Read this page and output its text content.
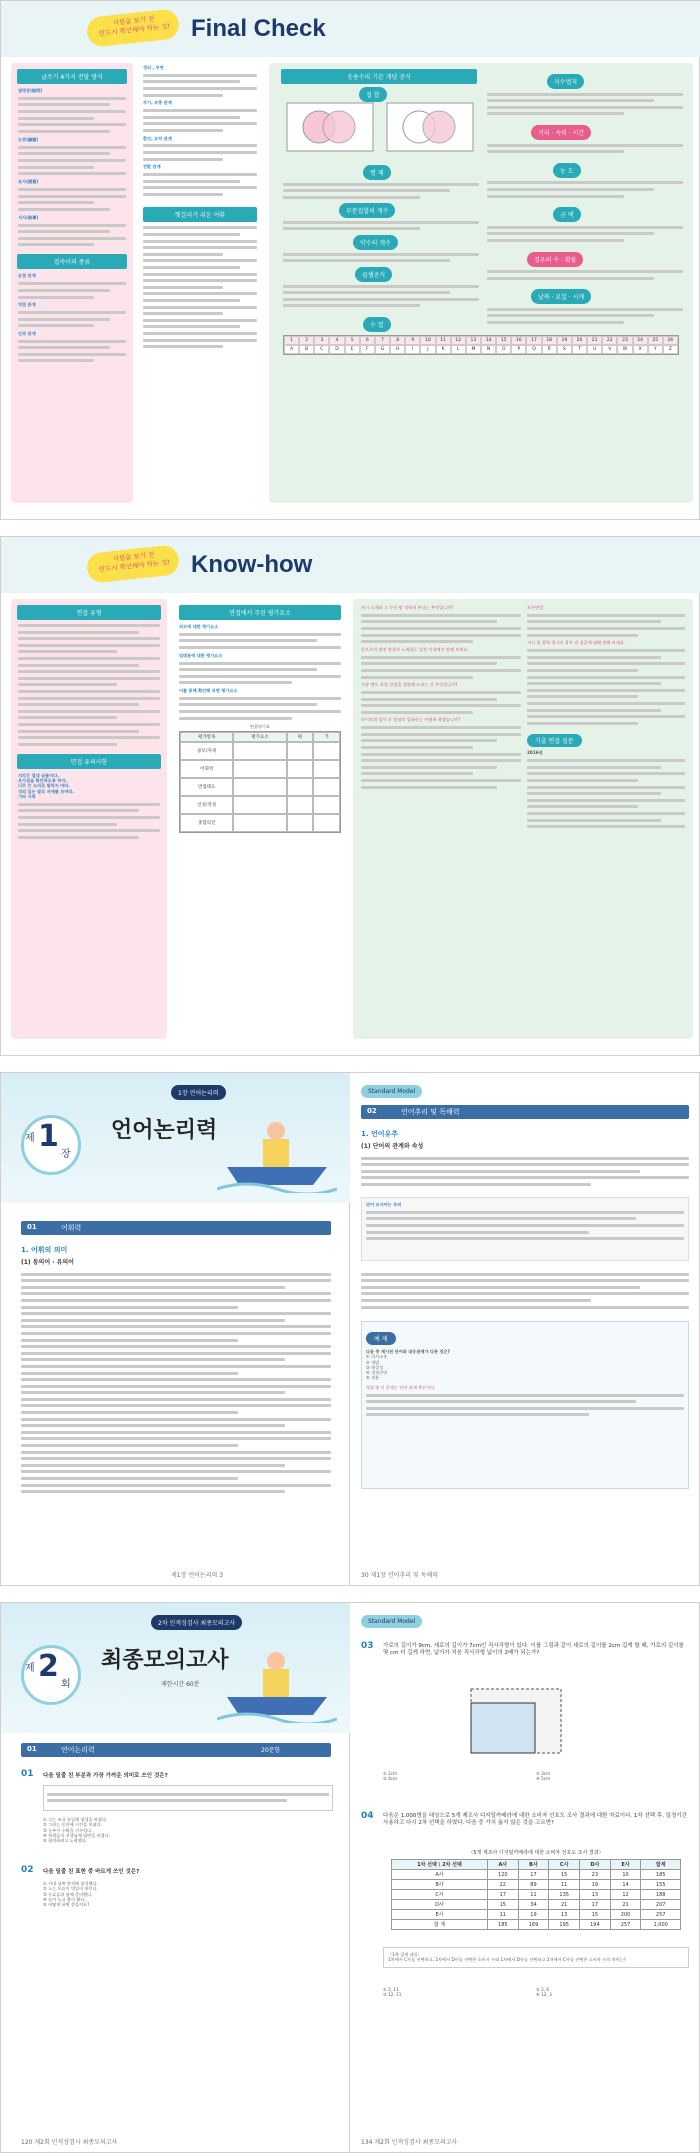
시험을 보기 전
반드시 확인해야 하는 것! Final Check
글쓰기 4가지 전달 방식
설명문(說明)
논증(論證)
묘사(描寫)
서사(敍事)
접속어의 종류
순접 관계
역접 관계
인과 관계
정의 , 부연
주기, 보충 관계
환언, 요약 관계
전환 관계
헷갈리기 쉬운 어휘
응용수리 기본 개념 공식
집 합
명 제
부분집합의 개수
약수의 개수
곱셈공식
수 열
1	2	3	4	5	6	7	8	9	10	11	12	13	14	15	16	17	18	19	20	21	22	23	24	25	26
A	B	C	D	E	F	G	H	I	J	K	L	M	N	O	P	Q	R	S	T	U	V	W	X	Y	Z
지수법칙
거리 · 속력 · 시간
농 도
금 액
경우의 수 · 확률
날짜 · 요일 · 시계
시험을 보기 전
반드시 확인해야 하는 것! Know-how
면접 유형
면접 유의사항
지각은 절대 금물이다.
옷가짐을 확인하도록 하자.
너무 큰 소리로 말하지 마라.
성의 있는 말로 자세를 보여라.
기타 사항
면접에서 주된 평가요소
외모에 대한 평가요소
업태용에 대한 평가요소
이를 통해 확인해 보면 평가요소
면접평가표
평가항목	평가요소	평	가
용모/자세
어휘력
면접태도
인성/적성
종합의견
자기 소개와 그 동안 탐 적에게 본다는 무엇입니까?
앞으로의 발전 방향과 노력하는 입장 이내에서 말해 보세요.
가장 멘토 학원 장점을 설명해 드리는 것 무엇입니까?
라이트위 입사 후 열심히 일하라는 어떻게 하겠습니까?
토론면접
지식 및 경력 평가의 경우 과 검증에 대해 말해 보세요.
기출 면접 질문
2016년
제 1
장
1장 언어논리력
언어논리력
01	어휘력
1. 어휘의 의미
(1) 동의어 · 유의어
제1장 언어논리력 3
Standard Model
02	언어추리 및 독해력
1. 언어유추
(1) 단어의 관계와 속성
단어 유사어는 주의
예 제
다음 중 제시된 단어와 대응관계가 다른 것은?
① 의사소통
② 개발
③ 역상성
④ 경직진단
⑤ 적용
정답 ③ 이 문제는 단어 관계 추론이다.
30 제1장 언어추리 및 독해력
제 2
회
2차 인적성검사 최종모의고사
최종모의고사
제한시간 60분
01	언어논리력	20문항
01 다음 밑줄 친 부분과 가장 가까운 의미로 쓰인 것은?
① 그는 조국 통일에 평생을 바쳤다.
② 그러는 동안에 시간을 보냈다.
③ 농부가 수확을 거두었다.
④ 학생들이 선생님께 답변을 바쳤다.
⑤ 합격하려고 노력했다.
02 다음 밑줄 친 표현 중 바르게 쓰인 것은?
① 시내 남쪽 잔치에 참석했다.
② 노는 모습이 멋있어 보인다.
③ 동료들과 함께 준비했다.
④ 눈이 녹고 봄이 왔다.
⑤ 어떻게 하면 좋을까요?
120 제2회 인적성검사 최종모의고사
Standard Model
03 가로의 길이가 9cm, 세로의 길이가 7cm인 직사각형이 있다. 이를 그림과 같이 세로의 길이를 2cm 길게 할 때, 가로의 길이를 몇 cm 더 길게 하면, 넓이가 처음 직사각형 넓이의 2배가 되는가?
① 2cm	② 3cm
③ 4cm	④ 5cm
04 다음은 1,000명을 대상으로 5개 제조사 디지털카메라에 대한 소비자 선호도 조사 결과에 대한 자료이다. 1차 선택 후, 일정기간 사용하고 다시 2차 선택을 하였다. 다음 중 가치 옳지 않은 것을 고르면?
〈5개 제조사 디지털카메라에 대한 소비자 선호도 조사 결과〉
1차 선택 \ 2차 선택	A사	B사	C사	D사	E사	합계
A사	120	17	15	23	10	185
B사	22	89	11	19	14	155
C사	17	11	135	13	12	188
D사	15	34	21	17	21	207
E사	11	19	13	15	200	257
합 계	185	169	195	194	257	1,000
〈1차 집계 대상〉
1차에서 C사를 선택하고, 2차에서 D사를 선택한 소비자 수와 1차에서 D사를 선택하고 2차에서 C사를 선택한 소비자 수의 차이는?
① 2, 11	② 2, 6
③ 12, 11	④ 12, 3
134 제2회 인적성검사 최종모의고사
